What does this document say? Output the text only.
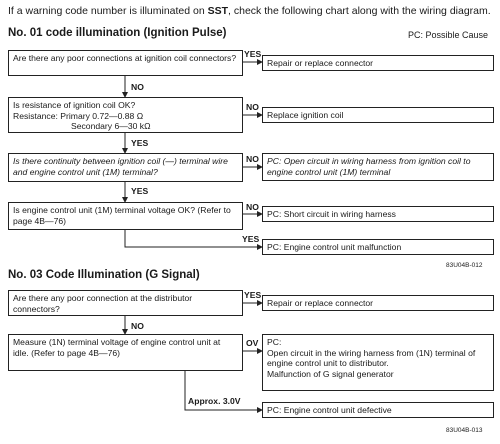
If a warning code number is illuminated on SST, check the following chart along with the wiring diagram.
No. 01 code illumination (Ignition Pulse)	PC: Possible Cause
Are there any poor connections at ignition coil connectors? YES
Repair or replace connector
NO
Is resistance of ignition coil OK?
Resistance: Primary 0.72—0.88 Ω
Secondary 6—30 kΩ
NO
Replace ignition coil
YES
Is there continuity between ignition coil (—) terminal wire and engine control unit (1M) terminal?
NO PC: Open circuit in wiring harness from ignition coil to engine control unit (1M) terminal
YES
Is engine control unit (1M) terminal voltage OK? (Refer to page 4B—76)
NO
PC: Short circuit in wiring harness
YES
PC: Engine control unit malfunction
83U04B-012
No. 03 Code Illumination (G Signal)
Are there any poor connection at the distributor connectors?
YES
Repair or replace connector
NO
Measure (1N) terminal voltage of engine control unit at idle. (Refer to page 4B—76)
OV PC:
Open circuit in the wiring harness from (1N) terminal of engine control unit to distributor.
Malfunction of G signal generator
Approx. 3.0V
PC: Engine control unit defective
83U04B-013
